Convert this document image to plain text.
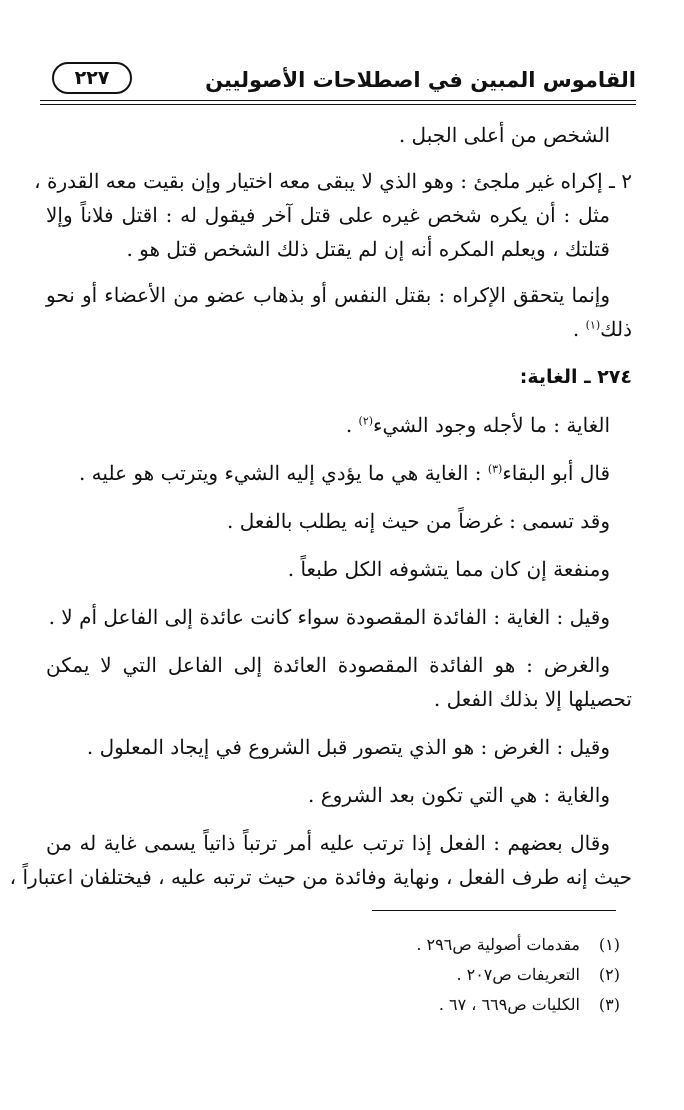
القاموس المبين في اصطلاحات الأصوليين
٢٢٧
الشخص من أعلى الجبل .
٢ ـ إكراه غير ملجئ : وهو الذي لا يبقى معه اختيار وإن بقيت معه القدرة ،
مثل : أن يكره شخص غيره على قتل آخر فيقول له : اقتل فلاناً وإلا
قتلتك ، ويعلم المكره أنه إن لم يقتل ذلك الشخص قتل هو .
وإنما يتحقق الإكراه : بقتل النفس أو بذهاب عضو من الأعضاء أو نحو
ذلك$^{(١)}$ .
٢٧٤ ـ الغاية:
الغاية : ما لأجله وجود الشيء$^{(٢)}$ .
قال أبو البقاء$^{(٣)}$ : الغاية هي ما يؤدي إليه الشيء ويترتب هو عليه .
وقد تسمى : غرضاً من حيث إنه يطلب بالفعل .
ومنفعة إن كان مما يتشوفه الكل طبعاً .
وقيل : الغاية : الفائدة المقصودة سواء كانت عائدة إلى الفاعل أم لا .
والغرض : هو الفائدة المقصودة العائدة إلى الفاعل التي لا يمكن
تحصيلها إلا بذلك الفعل .
وقيل : الغرض : هو الذي يتصور قبل الشروع في إيجاد المعلول .
والغاية : هي التي تكون بعد الشروع .
وقال بعضهم : الفعل إذا ترتب عليه أمر ترتباً ذاتياً يسمى غاية له من
حيث إنه طرف الفعل ، ونهاية وفائدة من حيث ترتبه عليه ، فيختلفان اعتباراً ،
(١)مقدمات أصولية ص٢٩٦ .
(٢)التعريفات ص٢٠٧ .
(٣)الكليات ص٦٦٩ ، ٦٧ .
